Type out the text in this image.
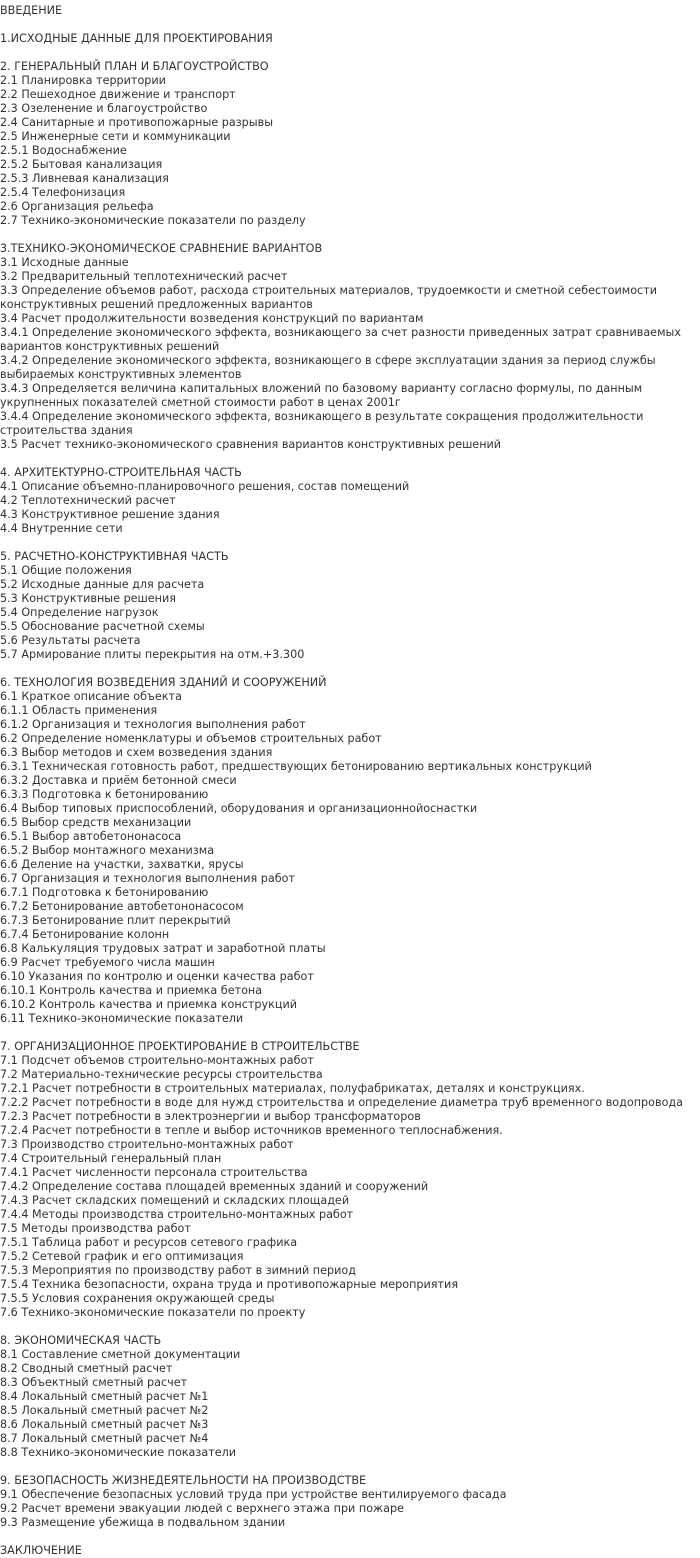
ВВЕДЕНИЕ
1.ИСХОДНЫЕ ДАННЫЕ ДЛЯ ПРОЕКТИРОВАНИЯ
2. ГЕНЕРАЛЬНЫЙ ПЛАН И БЛАГОУСТРОЙСТВО
2.1 Планировка территории
2.2 Пешеходное движение и транспорт
2.3 Озеленение и благоустройство
2.4 Санитарные и противопожарные разрывы
2.5 Инженерные сети и коммуникации
2.5.1 Водоснабжение
2.5.2 Бытовая канализация
2.5.3 Ливневая канализация
2.5.4 Телефонизация
2.6 Организация рельефа
2.7 Технико-экономические показатели по разделу
3.ТЕХНИКО-ЭКОНОМИЧЕСКОЕ СРАВНЕНИЕ ВАРИАНТОВ
3.1 Исходные данные
3.2 Предварительный теплотехнический расчет
3.3 Определение объемов работ, расхода строительных материалов, трудоемкости и сметной себестоимости конструктивных решений предложенных вариантов
3.4 Расчет продолжительности возведения конструкций по вариантам
3.4.1 Определение экономического эффекта, возникающего за счет разности приведенных затрат сравниваемых вариантов конструктивных решений
3.4.2 Определение экономического эффекта, возникающего в сфере эксплуатации здания за период службы выбираемых конструктивных элементов
3.4.3 Определяется величина капитальных вложений по базовому варианту согласно формулы, по данным укрупненных показателей сметной стоимости работ в ценах 2001г
3.4.4 Определение экономического эффекта, возникающего в результате сокращения продолжительности строительства здания
3.5 Расчет технико-экономического сравнения вариантов конструктивных решений
4. АРХИТЕКТУРНО-СТРОИТЕЛЬНАЯ ЧАСТЬ
4.1 Описание объемно-планировочного решения, состав помещений
4.2 Теплотехнический расчет
4.3 Конструктивное решение здания
4.4 Внутренние сети
5. РАСЧЕТНО-КОНСТРУКТИВНАЯ ЧАСТЬ
5.1 Общие положения
5.2 Исходные данные для расчета
5.3 Конструктивные решения
5.4 Определение нагрузок
5.5 Обоснование расчетной схемы
5.6 Результаты расчета
5.7 Армирование плиты перекрытия на отм.+3.300
6. ТЕХНОЛОГИЯ ВОЗВЕДЕНИЯ ЗДАНИЙ И СООРУЖЕНИЙ
6.1 Краткое описание объекта
6.1.1 Область применения
6.1.2 Организация и технология выполнения работ
6.2 Определение номенклатуры и объемов строительных работ
6.3 Выбор методов и схем возведения здания
6.3.1 Техническая готовность работ, предшествующих бетонированию вертикальных конструкций
6.3.2 Доставка и приём бетонной смеси
6.3.3 Подготовка к бетонированию
6.4 Выбор типовых приспособлений, оборудования и организационнойоснастки
6.5 Выбор средств механизации
6.5.1 Выбор автобетононасоса
6.5.2 Выбор монтажного механизма
6.6 Деление на участки, захватки, ярусы
6.7 Организация и технология выполнения работ
6.7.1 Подготовка к бетонированию
6.7.2 Бетонирование автобетононасосом
6.7.3 Бетонирование плит перекрытий
6.7.4 Бетонирование колонн
6.8 Калькуляция трудовых затрат и заработной платы
6.9 Расчет требуемого числа машин
6.10 Указания по контролю и оценки качества работ
6.10.1 Контроль качества и приемка бетона
6.10.2 Контроль качества и приемка конструкций
6.11 Технико-экономические показатели
7. ОРГАНИЗАЦИОННОЕ ПРОЕКТИРОВАНИЕ В СТРОИТЕЛЬСТВЕ
7.1 Подсчет объемов строительно-монтажных работ
7.2 Материально-технические ресурсы строительства
7.2.1 Расчет потребности в строительных материалах, полуфабрикатах, деталях и конструкциях.
7.2.2 Расчет потребности в воде для нужд строительства и определение диаметра труб временного водопровода
7.2.3 Расчет потребности в электроэнергии и выбор трансформаторов
7.2.4 Расчет потребности в тепле и выбор источников временного теплоснабжения.
7.3 Производство строительно-монтажных работ
7.4 Строительный генеральный план
7.4.1 Расчет численности персонала строительства
7.4.2 Определение состава площадей временных зданий и сооружений
7.4.3 Расчет складских помещений и складских площадей
7.4.4 Методы производства строительно-монтажных работ
7.5 Методы производства работ
7.5.1 Таблица работ и ресурсов сетевого графика
7.5.2 Сетевой график и его оптимизация
7.5.3 Мероприятия по производству работ в зимний период
7.5.4 Техника безопасности, охрана труда и противопожарные мероприятия
7.5.5 Условия сохранения окружающей среды
7.6 Технико-экономические показатели по проекту
8. ЭКОНОМИЧЕСКАЯ ЧАСТЬ
8.1 Составление сметной документации
8.2 Сводный сметный расчет
8.3 Объектный сметный расчет
8.4 Локальный сметный расчет №1
8.5 Локальный сметный расчет №2
8.6 Локальный сметный расчет №3
8.7 Локальный сметный расчет №4
8.8 Технико-экономические показатели
9. БЕЗОПАСНОСТЬ ЖИЗНЕДЕЯТЕЛЬНОСТИ НА ПРОИЗВОДСТВЕ
9.1 Обеспечение безопасных условий труда при устройстве вентилируемого фасада
9.2 Расчет времени эвакуации людей с верхнего этажа при пожаре
9.3 Размещение убежища в подвальном здании
ЗАКЛЮЧЕНИЕ
